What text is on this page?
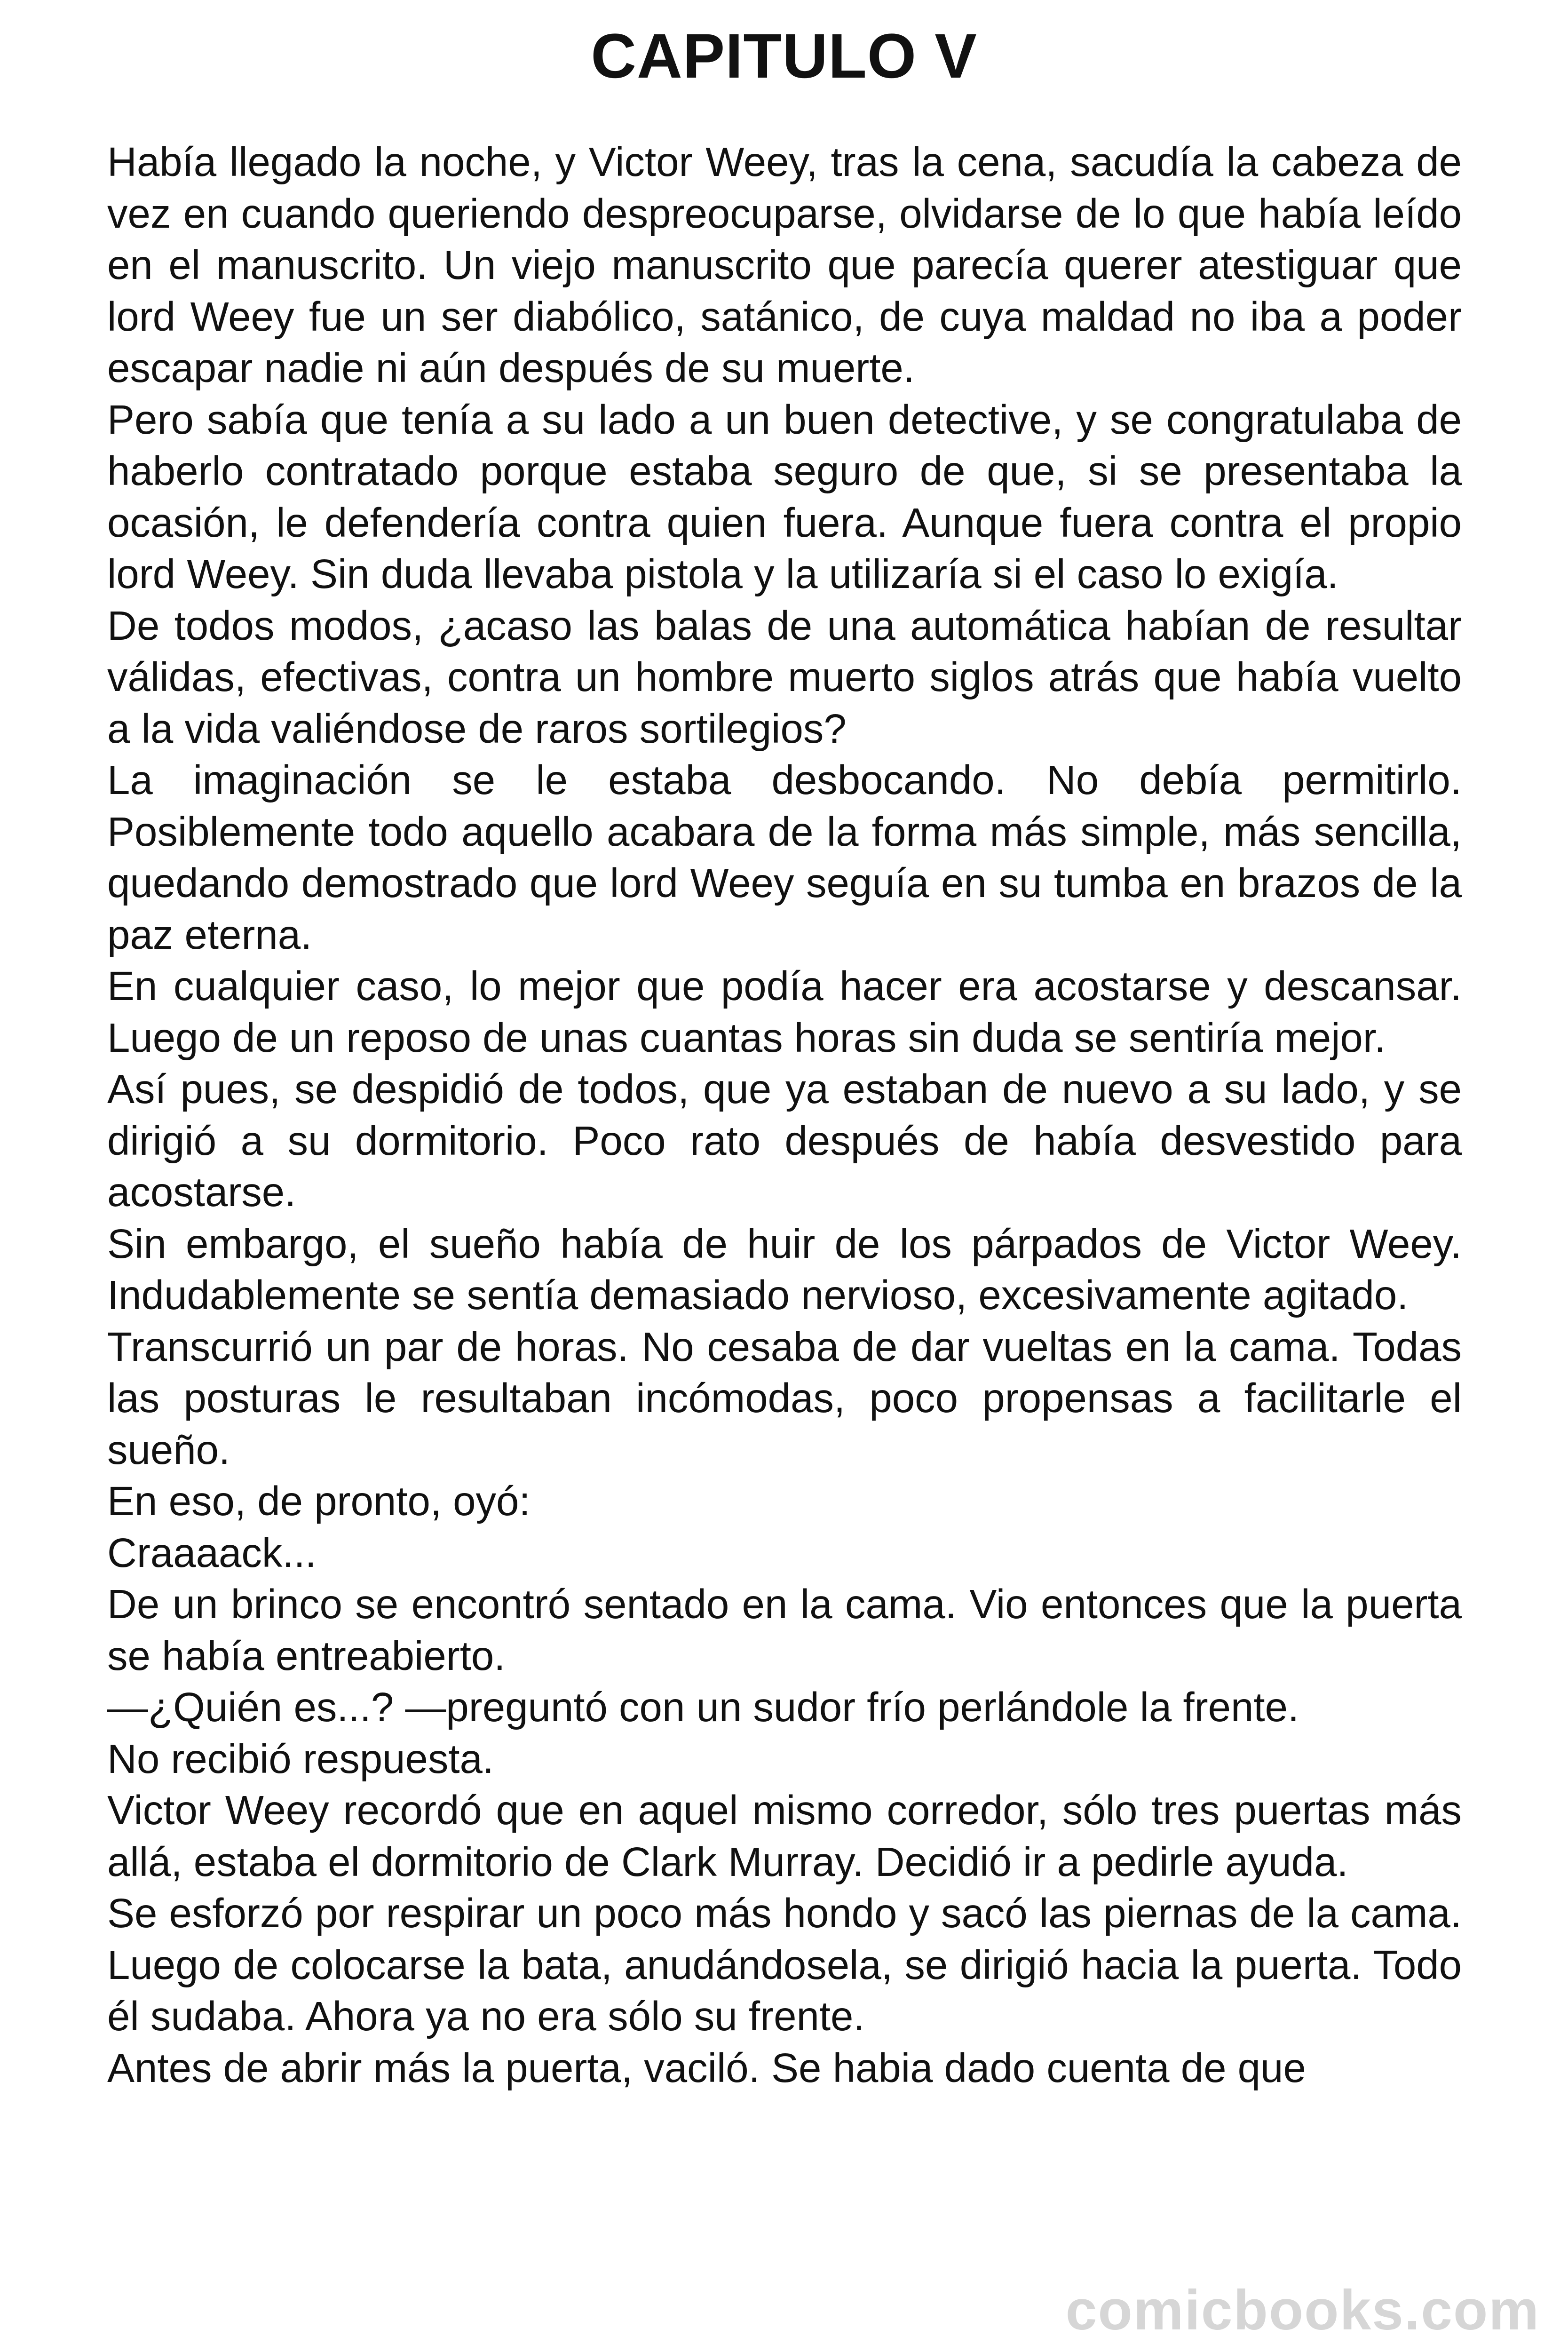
CAPITULO V

Había llegado la noche, y Victor Weey, tras la cena, sacudía la cabeza de vez en cuando queriendo despreocuparse, olvidarse de lo que había leído en el manuscrito. Un viejo manuscrito que parecía querer atestiguar que lord Weey fue un ser diabólico, satánico, de cuya maldad no iba a poder escapar nadie ni aún después de su muerte.

Pero sabía que tenía a su lado a un buen detective, y se congratulaba de haberlo contratado porque estaba seguro de que, si se presentaba la ocasión, le defendería contra quien fuera. Aunque fuera contra el propio lord Weey. Sin duda llevaba pistola y la utilizaría si el caso lo exigía.

De todos modos, ¿acaso las balas de una automática habían de resultar válidas, efectivas, contra un hombre muerto siglos atrás que había vuelto a la vida valiéndose de raros sortilegios?

La imaginación se le estaba desbocando. No debía permitirlo. Posiblemente todo aquello acabara de la forma más simple, más sencilla, quedando demostrado que lord Weey seguía en su tumba en brazos de la paz eterna.

En cualquier caso, lo mejor que podía hacer era acostarse y descansar. Luego de un reposo de unas cuantas horas sin duda se sentiría mejor.

Así pues, se despidió de todos, que ya estaban de nuevo a su lado, y se dirigió a su dormitorio. Poco rato después de había desvestido para acostarse.

Sin embargo, el sueño había de huir de los párpados de Victor Weey. Indudablemente se sentía demasiado nervioso, excesivamente agitado.

Transcurrió un par de horas. No cesaba de dar vueltas en la cama. Todas las posturas le resultaban incómodas, poco propensas a facilitarle el sueño.

En eso, de pronto, oyó:

Craaaack...

De un brinco se encontró sentado en la cama. Vio entonces que la puerta se había entreabierto.

—¿Quién es...? —preguntó con un sudor frío perlándole la frente.

No recibió respuesta.

Victor Weey recordó que en aquel mismo corredor, sólo tres puertas más allá, estaba el dormitorio de Clark Murray. Decidió ir a pedirle ayuda.

Se esforzó por respirar un poco más hondo y sacó las piernas de la cama. Luego de colocarse la bata, anudándosela, se dirigió hacia la puerta. Todo él sudaba. Ahora ya no era sólo su frente.

Antes de abrir más la puerta, vaciló. Se habia dado cuenta de que

comicbooks.com
